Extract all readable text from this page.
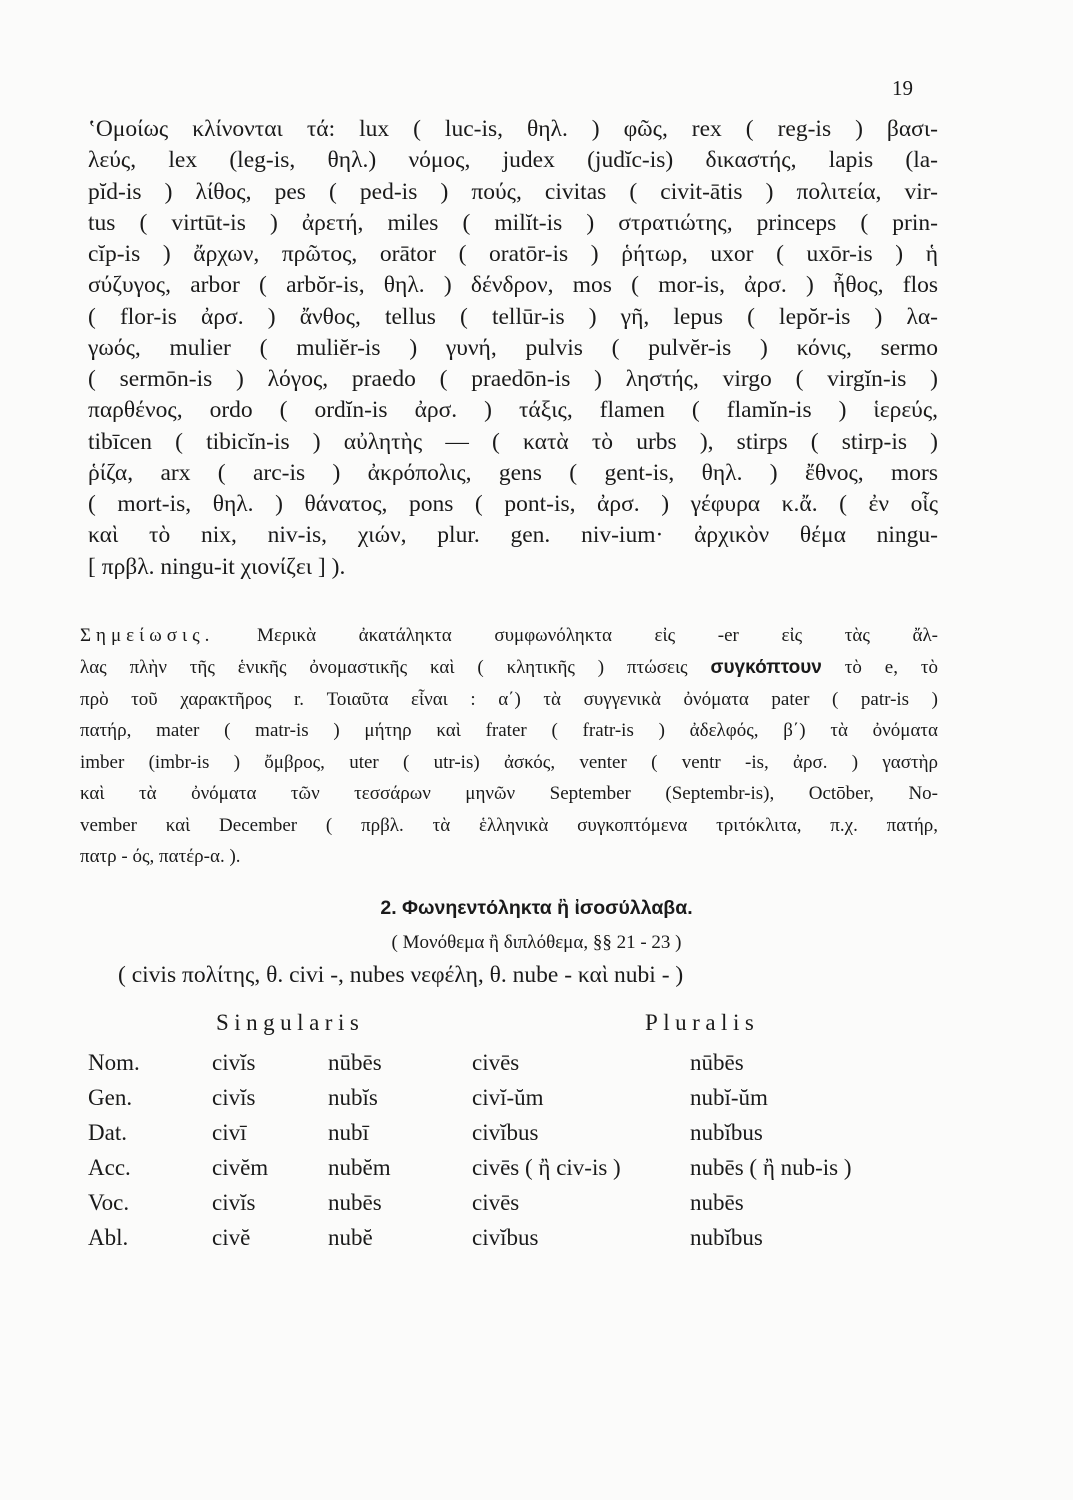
19
ʽΟμοίως κλίνονται τά: lux ( luc-is, θηλ. ) φῶς, rex ( reg-is ) βασι-
λεύς, lex (leg-is, θηλ.) νόμος, judex (judĭc-is) δικαστής, lapis (la-
pĭd-is ) λίθος, pes ( ped-is ) πούς, civitas ( civit-ātis ) πολιτεία, vir-
tus ( virtūt-is ) ἀρετή, miles ( milĭt-is ) στρατιώτης, princeps ( prin-
cĭp-is ) ἄρχων, πρῶτος, orātor ( oratōr-is ) ῥήτωρ, uxor ( uxōr-is ) ἡ
σύζυγος, arbor ( arbŏr-is, θηλ. ) δένδρον, mos ( mor-is, ἀρσ. ) ἦθος, flos
( flor-is ἀρσ. ) ἄνθος, tellus ( tellūr-is ) γῆ, lepus ( lepŏr-is ) λα-
γωός, mulier ( muliĕr-is ) γυνή, pulvis ( pulvĕr-is ) κόνις, sermo
( sermōn-is ) λόγος, praedo ( praedōn-is ) ληστής, virgo ( virgĭn-is )
παρθένος, ordo ( ordĭn-is ἀρσ. ) τάξις, flamen ( flamĭn-is ) ἱερεύς,
tibīcen ( tibicĭn-is ) αὐλητὴς — ( κατὰ τὸ urbs ), stirps ( stirp-is )
ῥίζα, arx ( arc-is ) ἀκρόπολις, gens ( gent-is, θηλ. ) ἔθνος, mors
( mort-is, θηλ. ) θάνατος, pons ( pont-is, ἀρσ. ) γέφυρα κ.ἄ. ( ἐν οἷς
καὶ τὸ nix, niv-is, χιών, plur. gen. niv-ium· ἀρχικὸν θέμα ningu-
[ πρβλ. ningu-it χιονίζει ] ).
Σημείωσις. Μερικὰ ἀκατάληκτα συμφωνόληκτα εἰς -er εἰς τὰς ἄλ-
λας πλὴν τῆς ἑνικῆς ὀνομαστικῆς καὶ ( κλητικῆς ) πτώσεις συγκόπτουν τὸ e, τὸ
πρὸ τοῦ χαρακτῆρος r. Τοιαῦτα εἶναι : α΄) τὰ συγγενικὰ ὀνόματα pater ( patr-is )
πατήρ, mater ( matr-is ) μήτηρ καὶ frater ( fratr-is ) ἀδελφός, β΄) τὰ ὀνόματα
imber (imbr-is ) ὄμβρος, uter ( utr-is) ἀσκός, venter ( ventr -is, ἀρσ. ) γαστὴρ
καὶ τὰ ὀνόματα τῶν τεσσάρων μηνῶν September (Septembr-is), Octōber, No-
vember καὶ December ( πρβλ. τὰ ἑλληνικὰ συγκοπτόμενα τριτόκλιτα, π.χ. πατήρ,
πατρ - ός, πατέρ-α. ).
2. Φωνηεντόληκτα ἢ ἰσοσύλλαβα.
( Μονόθεμα ἢ διπλόθεμα, §§ 21 - 23 )
( civis πολίτης, θ. civi -, nubes νεφέλη, θ. nube - καὶ nubi - )
Singularis	Pluralis
Nom.	civĭs	nūbēs	civēs	nūbēs
Gen.	civĭs	nubĭs	civĭ-ŭm	nubĭ-ŭm
Dat.	civī	nubī	civĭbus	nubĭbus
Acc.	civĕm	nubĕm	civēs ( ἢ civ-is )	nubēs ( ἢ nub-is )
Voc.	civĭs	nubēs	civēs	nubēs
Abl.	civĕ	nubĕ	civĭbus	nubĭbus
